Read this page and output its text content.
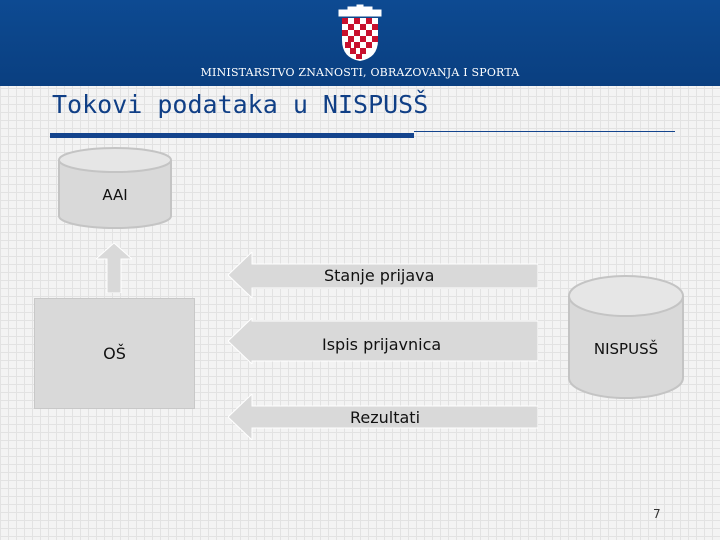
MINISTARSTVO ZNANOSTI, OBRAZOVANJA I SPORTA
Tokovi podataka u NISPUSŠ
AAI
OŠ
Stanje prijava
Ispis prijavnica
Rezultati
NISPUSŠ
7
